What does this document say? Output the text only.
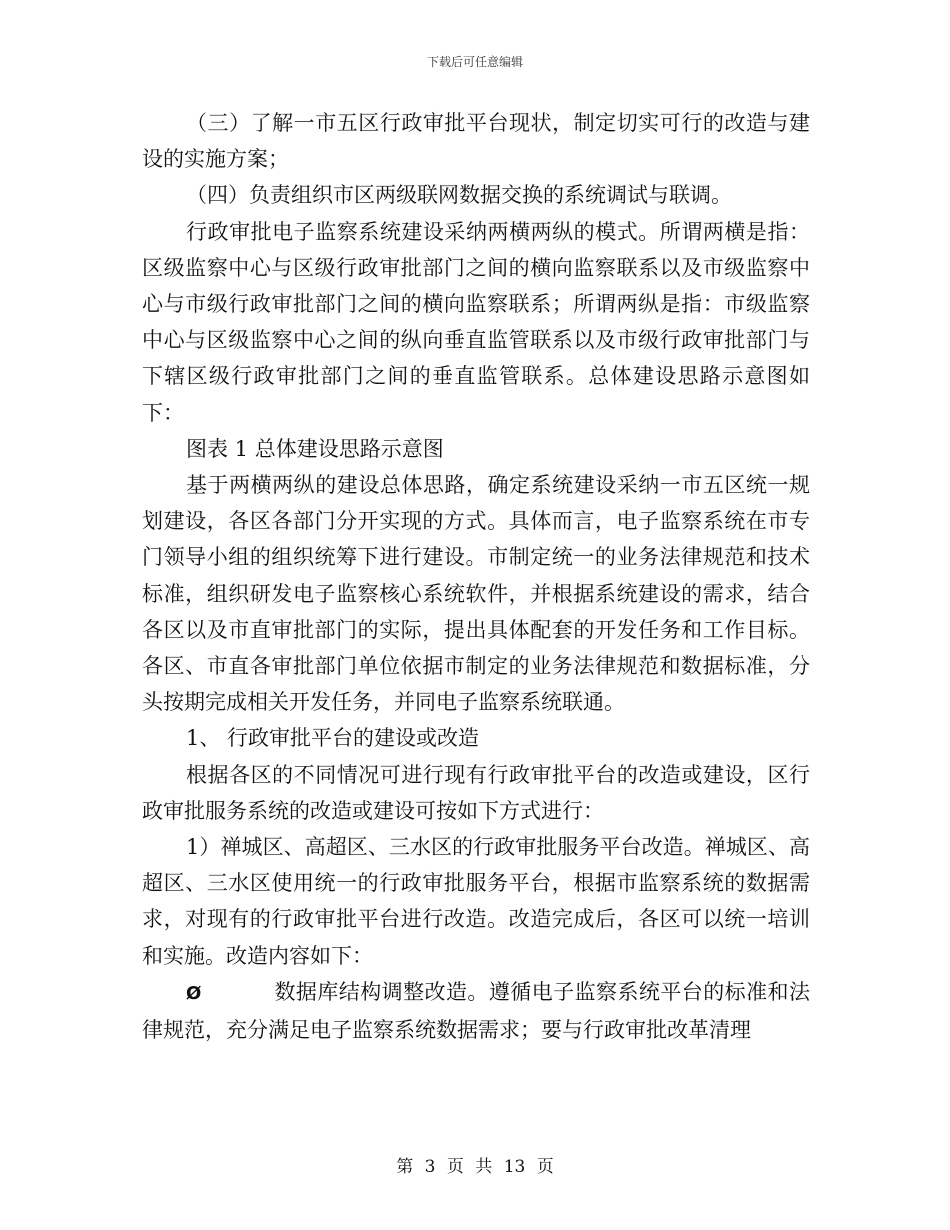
下载后可任意编辑

（三）了解一市五区行政审批平台现状，制定切实可行的改造与建设的实施方案；

（四）负责组织市区两级联网数据交换的系统调试与联调。

行政审批电子监察系统建设采纳两横两纵的模式。所谓两横是指：区级监察中心与区级行政审批部门之间的横向监察联系以及市级监察中心与市级行政审批部门之间的横向监察联系；所谓两纵是指：市级监察中心与区级监察中心之间的纵向垂直监管联系以及市级行政审批部门与下辖区级行政审批部门之间的垂直监管联系。总体建设思路示意图如下：

图表 1 总体建设思路示意图

基于两横两纵的建设总体思路，确定系统建设采纳一市五区统一规划建设，各区各部门分开实现的方式。具体而言，电子监察系统在市专门领导小组的组织统筹下进行建设。市制定统一的业务法律规范和技术标准，组织研发电子监察核心系统软件，并根据系统建设的需求，结合各区以及市直审批部门的实际，提出具体配套的开发任务和工作目标。各区、市直各审批部门单位依据市制定的业务法律规范和数据标准，分头按期完成相关开发任务，并同电子监察系统联通。

1、 行政审批平台的建设或改造

根据各区的不同情况可进行现有行政审批平台的改造或建设，区行政审批服务系统的改造或建设可按如下方式进行：

1）禅城区、高超区、三水区的行政审批服务平台改造。禅城区、高超区、三水区使用统一的行政审批服务平台，根据市监察系统的数据需求，对现有的行政审批平台进行改造。改造完成后，各区可以统一培训和实施。改造内容如下：

Ø	数据库结构调整改造。遵循电子监察系统平台的标准和法律规范，充分满足电子监察系统数据需求；要与行政审批改革清理

第 3 页 共 13 页
